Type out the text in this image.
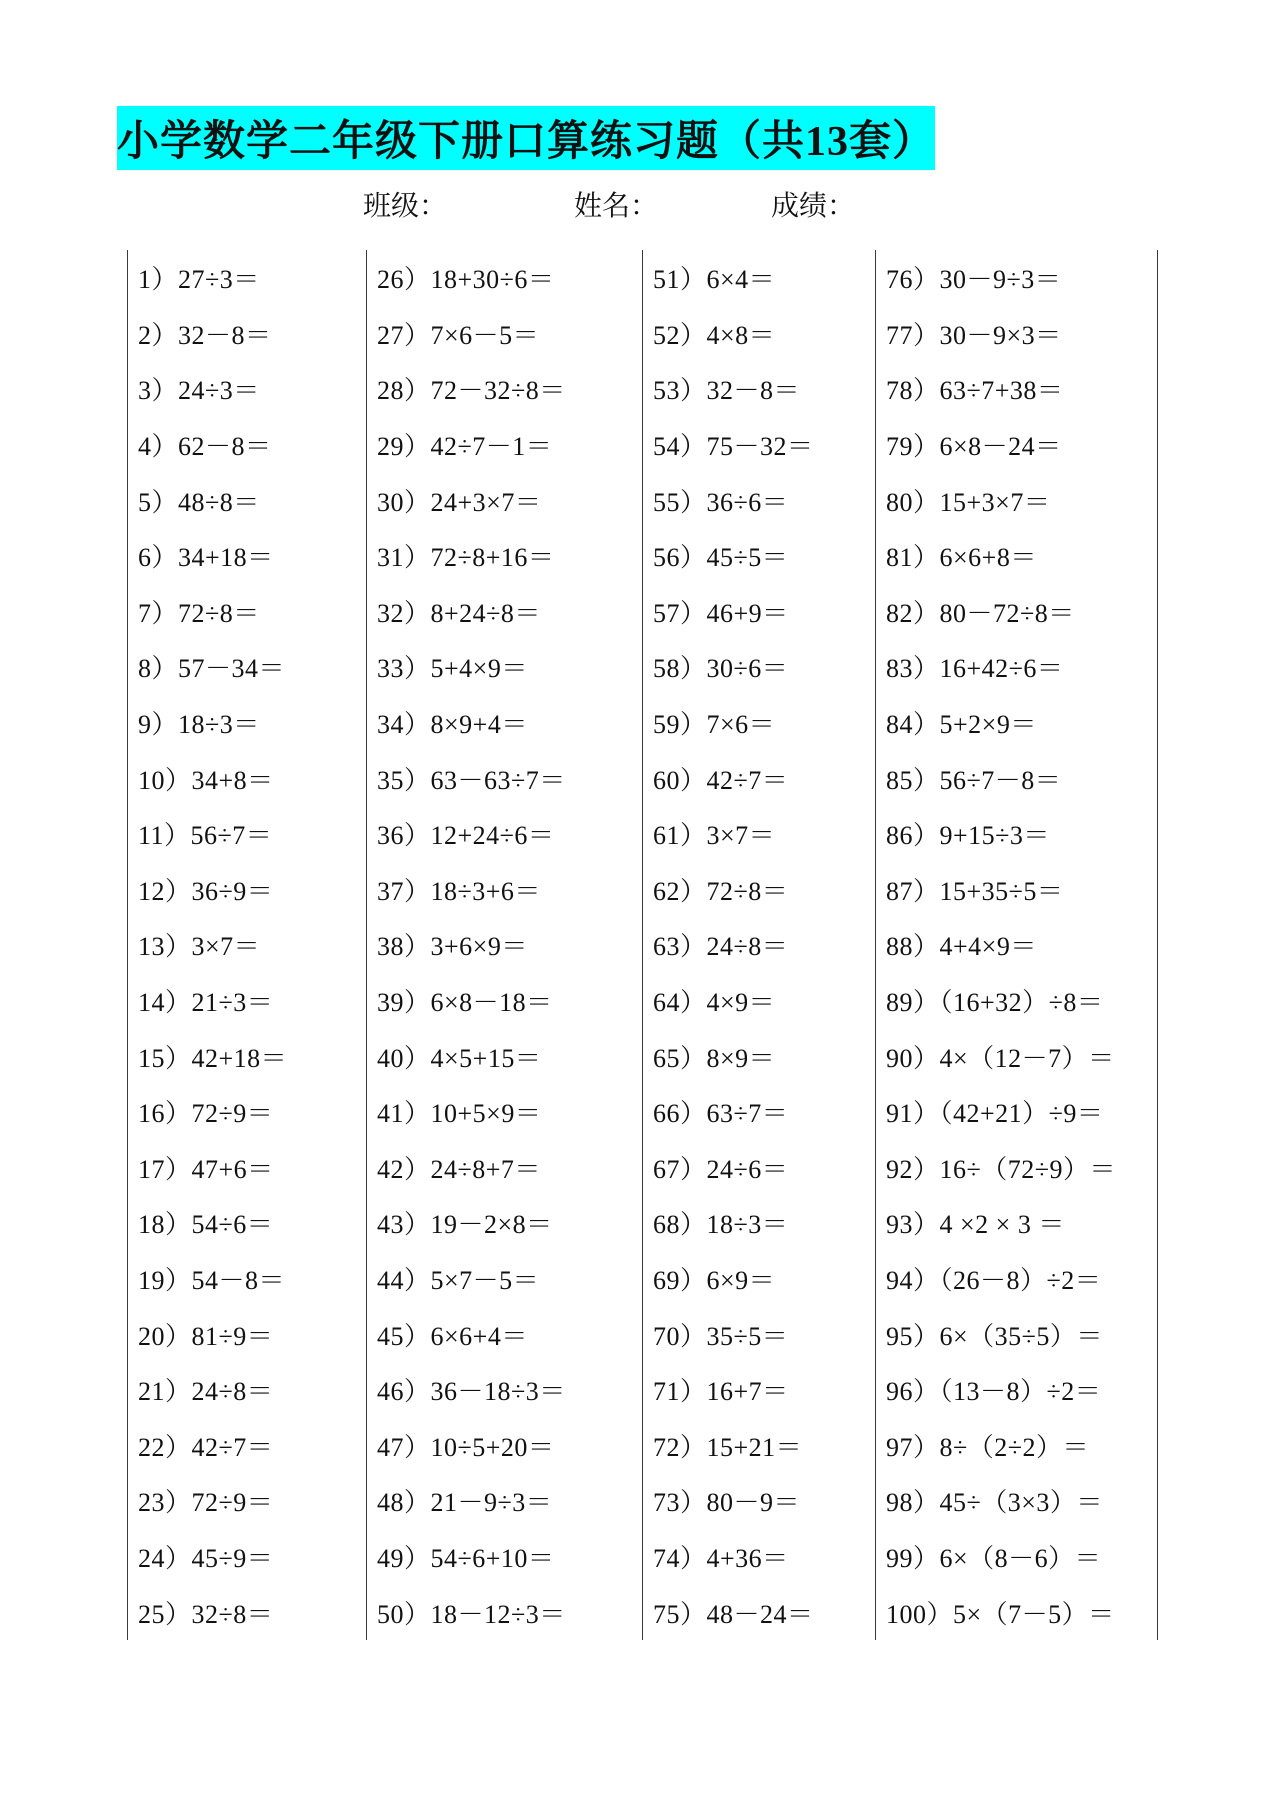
小学数学二年级下册口算练习题（共13套）
班级：	姓名：	成绩：
1）27÷3＝
2）32－8＝
3）24÷3＝
4）62－8＝
5）48÷8＝
6）34+18＝
7）72÷8＝
8）57－34＝
9）18÷3＝
10）34+8＝
11）56÷7＝
12）36÷9＝
13）3×7＝
14）21÷3＝
15）42+18＝
16）72÷9＝
17）47+6＝
18）54÷6＝
19）54－8＝
20）81÷9＝
21）24÷8＝
22）42÷7＝
23）72÷9＝
24）45÷9＝
25）32÷8＝
26）18+30÷6＝
27）7×6－5＝
28）72－32÷8＝
29）42÷7－1＝
30）24+3×7＝
31）72÷8+16＝
32）8+24÷8＝
33）5+4×9＝
34）8×9+4＝
35）63－63÷7＝
36）12+24÷6＝
37）18÷3+6＝
38）3+6×9＝
39）6×8－18＝
40）4×5+15＝
41）10+5×9＝
42）24÷8+7＝
43）19－2×8＝
44）5×7－5＝
45）6×6+4＝
46）36－18÷3＝
47）10÷5+20＝
48）21－9÷3＝
49）54÷6+10＝
50）18－12÷3＝
51）6×4＝
52）4×8＝
53）32－8＝
54）75－32＝
55）36÷6＝
56）45÷5＝
57）46+9＝
58）30÷6＝
59）7×6＝
60）42÷7＝
61）3×7＝
62）72÷8＝
63）24÷8＝
64）4×9＝
65）8×9＝
66）63÷7＝
67）24÷6＝
68）18÷3＝
69）6×9＝
70）35÷5＝
71）16+7＝
72）15+21＝
73）80－9＝
74）4+36＝
75）48－24＝
76）30－9÷3＝
77）30－9×3＝
78）63÷7+38＝
79）6×8－24＝
80）15+3×7＝
81）6×6+8＝
82）80－72÷8＝
83）16+42÷6＝
84）5+2×9＝
85）56÷7－8＝
86）9+15÷3＝
87）15+35÷5＝
88）4+4×9＝
89）（16+32）÷8＝
90）4×（12－7）＝
91）（42+21）÷9＝
92）16÷（72÷9）＝
93）4 ×2 × 3 ＝
94）（26－8）÷2＝
95）6×（35÷5）＝
96）（13－8）÷2＝
97）8÷（2÷2）＝
98）45÷（3×3）＝
99）6×（8－6）＝
100）5×（7－5）＝
